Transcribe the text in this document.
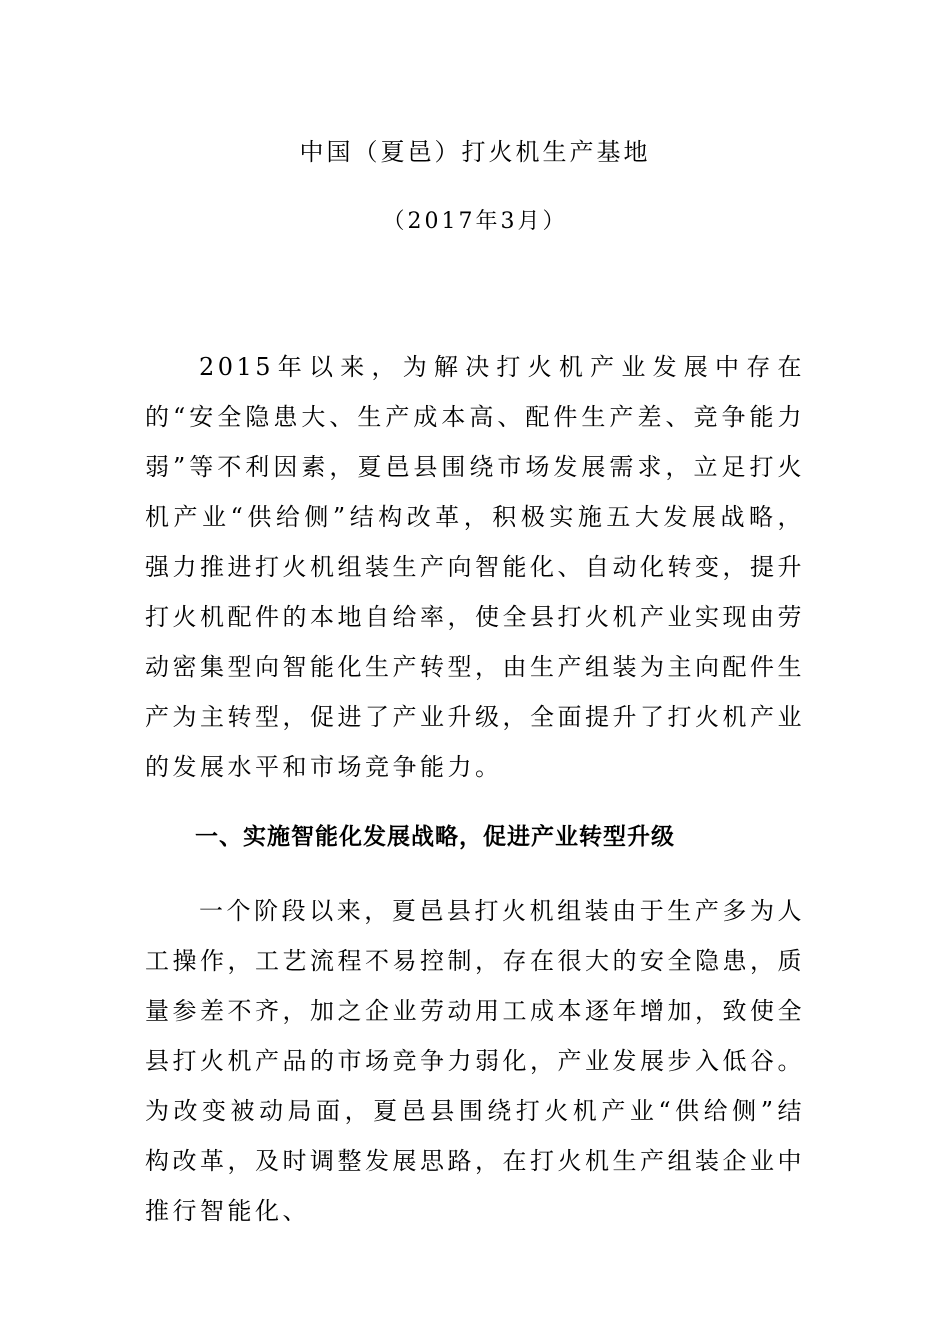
中国（夏邑）打火机生产基地
（2017年3月）
2015年以来，为解决打火机产业发展中存在的“安全隐患大、生产成本高、配件生产差、竞争能力弱”等不利因素，夏邑县围绕市场发展需求，立足打火机产业“供给侧”结构改革，积极实施五大发展战略，强力推进打火机组装生产向智能化、自动化转变，提升打火机配件的本地自给率，使全县打火机产业实现由劳动密集型向智能化生产转型，由生产组装为主向配件生产为主转型，促进了产业升级，全面提升了打火机产业的发展水平和市场竞争能力。
一、实施智能化发展战略，促进产业转型升级
一个阶段以来，夏邑县打火机组装由于生产多为人工操作，工艺流程不易控制，存在很大的安全隐患，质量参差不齐，加之企业劳动用工成本逐年增加，致使全县打火机产品的市场竞争力弱化，产业发展步入低谷。为改变被动局面，夏邑县围绕打火机产业“供给侧”结构改革，及时调整发展思路，在打火机生产组装企业中推行智能化、
